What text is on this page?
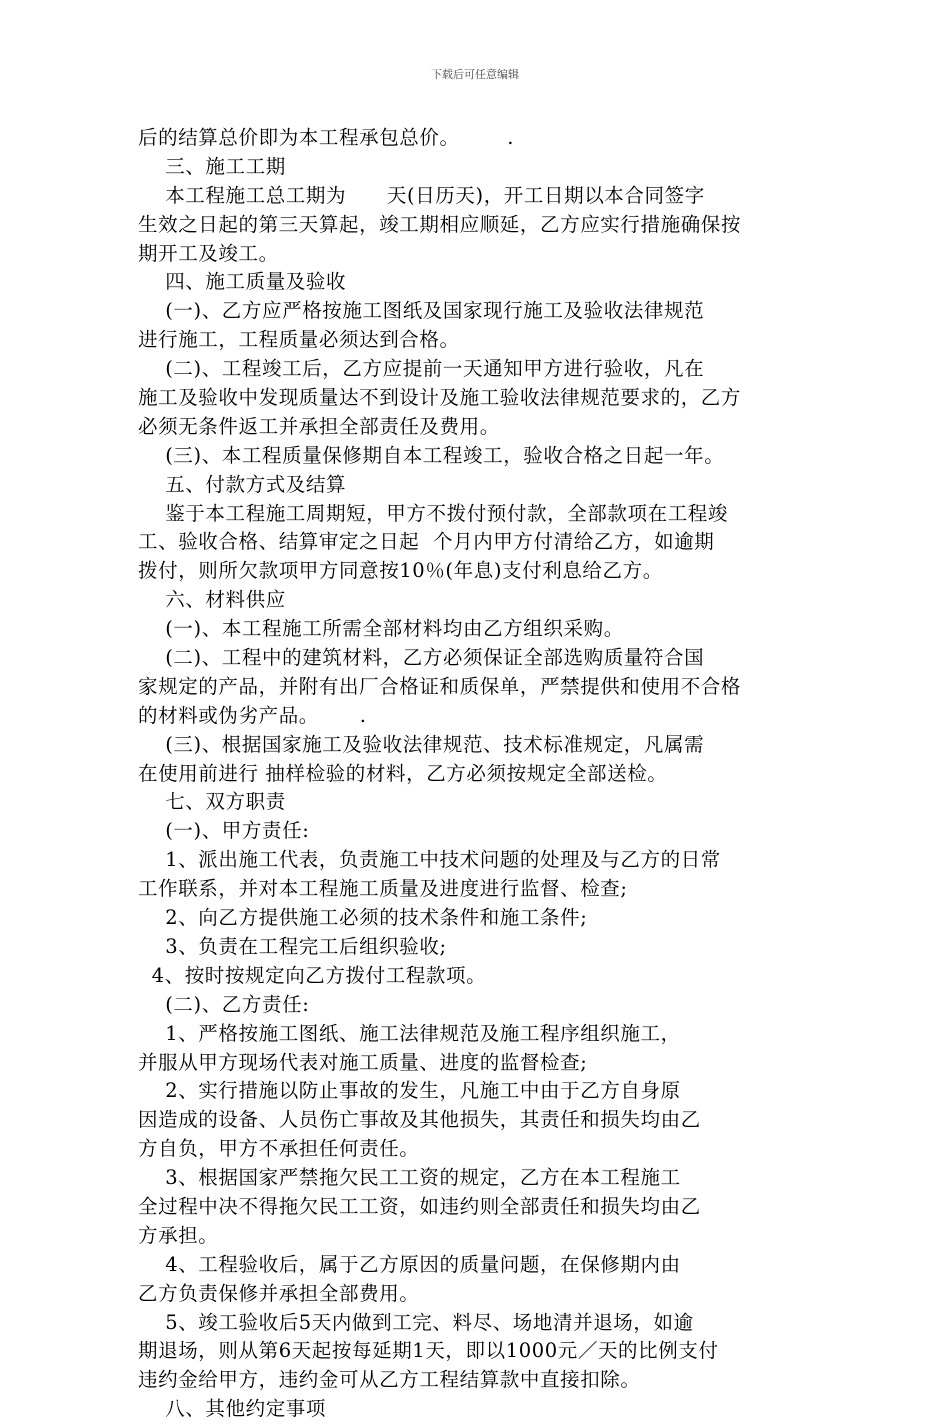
下载后可任意编辑
后的结算总价即为本工程承包总价。       .
三、施工工期
本工程施工总工期为      天(日历天)，开工日期以本合同签字
生效之日起的第三天算起，竣工期相应顺延，乙方应实行措施确保按
期开工及竣工。
四、施工质量及验收
(一)、乙方应严格按施工图纸及国家现行施工及验收法律规范
进行施工，工程质量必须达到合格。
(二)、工程竣工后，乙方应提前一天通知甲方进行验收，凡在
施工及验收中发现质量达不到设计及施工验收法律规范要求的，乙方
必须无条件返工并承担全部责任及费用。
(三)、本工程质量保修期自本工程竣工，验收合格之日起一年。
五、付款方式及结算
鉴于本工程施工周期短，甲方不拨付预付款，全部款项在工程竣
工、验收合格、结算审定之日起  个月内甲方付清给乙方，如逾期
拨付，则所欠款项甲方同意按10％(年息)支付利息给乙方。
六、材料供应
(一)、本工程施工所需全部材料均由乙方组织采购。
(二)、工程中的建筑材料，乙方必须保证全部选购质量符合国
家规定的产品，并附有出厂合格证和质保单，严禁提供和使用不合格
的材料或伪劣产品。      .
(三)、根据国家施工及验收法律规范、技术标准规定，凡属需
在使用前进行 抽样检验的材料，乙方必须按规定全部送检。
七、双方职责
(一)、甲方责任:
1、派出施工代表，负责施工中技术问题的处理及与乙方的日常
工作联系，并对本工程施工质量及进度进行监督、检查;
2、向乙方提供施工必须的技术条件和施工条件;
3、负责在工程完工后组织验收;
4、按时按规定向乙方拨付工程款项。
(二)、乙方责任:
1、严格按施工图纸、施工法律规范及施工程序组织施工，
并服从甲方现场代表对施工质量、进度的监督检查;
2、实行措施以防止事故的发生，凡施工中由于乙方自身原
因造成的设备、人员伤亡事故及其他损失，其责任和损失均由乙
方自负，甲方不承担任何责任。
3、根据国家严禁拖欠民工工资的规定，乙方在本工程施工
全过程中决不得拖欠民工工资，如违约则全部责任和损失均由乙
方承担。
4、工程验收后，属于乙方原因的质量问题，在保修期内由
乙方负责保修并承担全部费用。
5、竣工验收后5天内做到工完、料尽、场地清并退场，如逾
期退场，则从第6天起按每延期1天，即以1000元／天的比例支付
违约金给甲方，违约金可从乙方工程结算款中直接扣除。
八、其他约定事项
